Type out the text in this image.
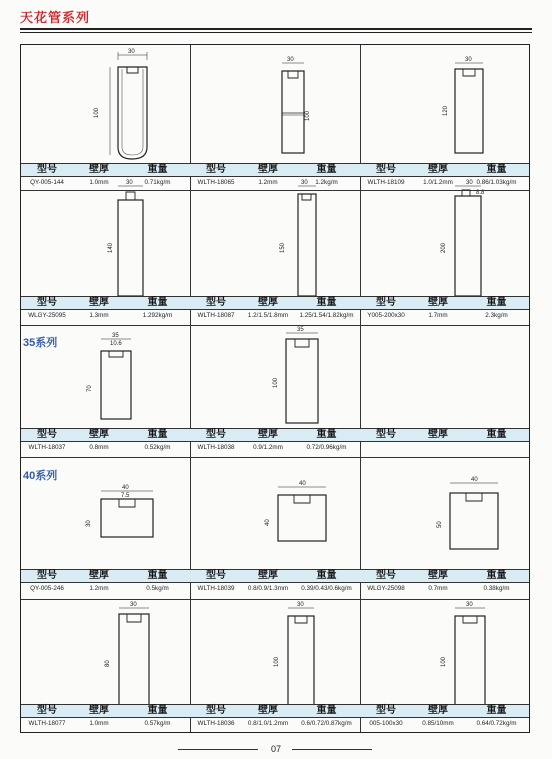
天花管系列
30
100
30
100
30
120
30
140
30
150
30
8.8
200
35
10.6
70
35
100
40
7.5
30
40
40
40
50
30
80
30
100
30
100
35系列
40系列
型号	壁厚	重量	型号	壁厚	重量	型号	壁厚	重量
QY-005-144	1.0mm	0.71kg/m	WLTH-18065	1.2mm	1.2kg/m	WLTH-18109	1.0/1.2mm	0.86/1.03kg/m
型号	壁厚	重量	型号	壁厚	重量	型号	壁厚	重量
WLGY-25095	1.3mm	1.292kg/m	WLTH-18087	1.2/1.5/1.8mm	1.25/1.54/1.82kg/m	Y005-200x30	1.7mm	2.3kg/m
型号	壁厚	重量	型号	壁厚	重量	型号	壁厚	重量
WLTH-18037	0.8mm	0.52kg/m	WLTH-18038	0.9/1.2mm	0.72/0.96kg/m
型号	壁厚	重量	型号	壁厚	重量	型号	壁厚	重量
QY-005-246	1.2mm	0.5kg/m	WLTH-18039	0.8/0.9/1.3mm	0.39/0.43/0.6kg/m	WLGY-25098	0.7mm	0.38kg/m
型号	壁厚	重量	型号	壁厚	重量	型号	壁厚	重量
WLTH-18077	1.0mm	0.57kg/m	WLTH-18036	0.8/1.0/1.2mm	0.6/0.72/0.87kg/m	005-100x30	0.85/10mm	0.64/0.72kg/m
07
